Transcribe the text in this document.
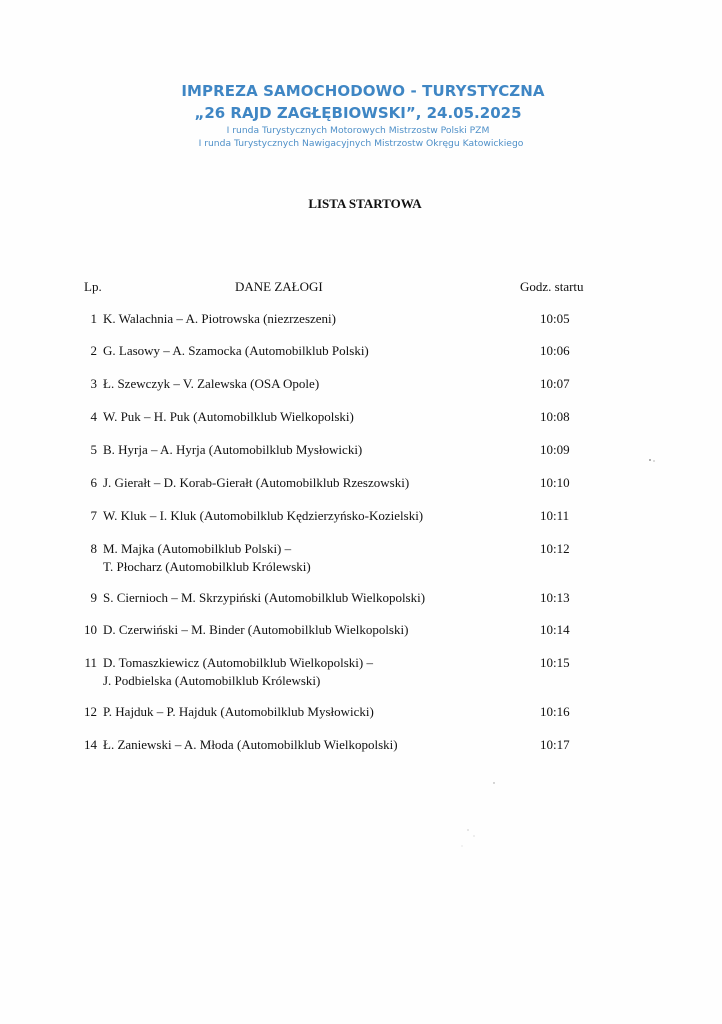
IMPREZA SAMOCHODOWO - TURYSTYCZNA
„26 RAJD ZAGŁĘBIOWSKI”, 24.05.2025
I runda Turystycznych Motorowych Mistrzostw Polski PZM
I runda Turystycznych Nawigacyjnych Mistrzostw Okręgu Katowickiego
LISTA STARTOWA
Lp.	DANE ZAŁOGI	Godz. startu
1 K. Walachnia – A. Piotrowska (niezrzeszeni)	10:05
2 G. Lasowy – A. Szamocka (Automobilklub Polski)	10:06
3 Ł. Szewczyk – V. Zalewska (OSA Opole)	10:07
4 W. Puk – H. Puk (Automobilklub Wielkopolski)	10:08
5 B. Hyrja – A. Hyrja (Automobilklub Mysłowicki)	10:09
6 J. Gierałt – D. Korab-Gierałt (Automobilklub Rzeszowski)	10:10
7 W. Kluk – I. Kluk (Automobilklub Kędzierzyńsko-Kozielski)	10:11
8 M. Majka (Automobilklub Polski) –
T. Płocharz (Automobilklub Królewski)
10:12
9 S. Ciernioch – M. Skrzypiński (Automobilklub Wielkopolski)	10:13
10 D. Czerwiński – M. Binder (Automobilklub Wielkopolski)	10:14
11 D. Tomaszkiewicz (Automobilklub Wielkopolski) –
J. Podbielska (Automobilklub Królewski)
10:15
12 P. Hajduk – P. Hajduk (Automobilklub Mysłowicki)	10:16
14 Ł. Zaniewski – A. Młoda (Automobilklub Wielkopolski)	10:17
